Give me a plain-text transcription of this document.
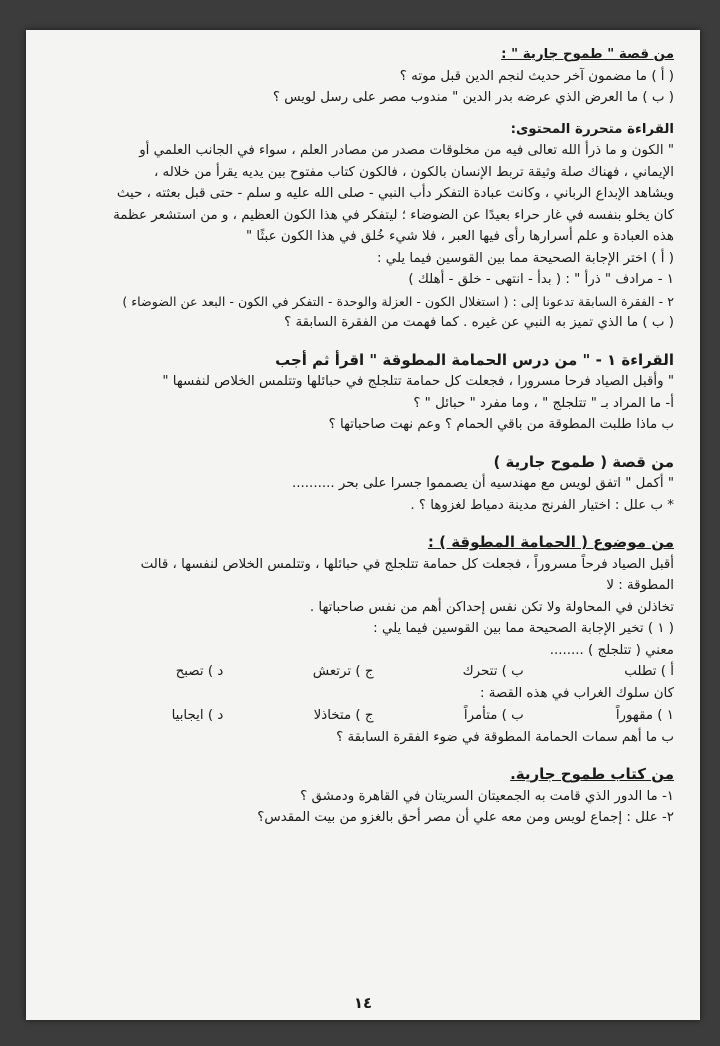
من قصة " طموح جارية " :
( أ ) ما مضمون آخر حديث لنجم الدين قبل موته ؟
( ب ) ما العرض الذي عرضه بدر الدين " مندوب مصر على رسل لويس ؟
القراءة متحررة المحتوى:
" الكون و ما ذرأ الله تعالى فيه من مخلوقات مصدر من مصادر العلم ، سواء في الجانب العلمي أو
الإيماني ، فهناك صلة وثيقة تربط الإنسان بالكون ، فالكون كتاب مفتوح بين يديه يقرأ من خلاله ،
ويشاهد الإبداع الرباني ، وكانت عبادة التفكر دأب النبي - صلى الله عليه و سلم - حتى قبل بعثته ، حيث
كان يخلو بنفسه في غار حراء بعيدًا عن الضوضاء ؛ ليتفكر في هذا الكون العظيم ، و من استشعر عظمة
هذه العبادة و علم أسرارها رأى فيها العبر ، فلا شيء خُلق في هذا الكون عبثًا "
( أ ) اختر الإجابة الصحيحة مما بين القوسين فيما يلي :
١ - مرادف " ذرأ " : ( بدأ - انتهى - خلق - أهلك )
٢ - الفقرة السابقة تدعونا إلى : ( استغلال الكون - العزلة والوحدة - التفكر في الكون - البعد عن الضوضاء )
( ب ) ما الذي تميز به النبي عن غيره . كما فهمت من الفقرة السابقة ؟
القراءة ١ - " من درس الحمامة المطوقة " اقرأ ثم أجب
" وأقبل الصياد فرحا مسرورا ، فجعلت كل حمامة تتلجلج في حبائلها وتتلمس الخلاص لنفسها "
أ- ما المراد بـ " تتلجلج " ، وما مفرد " حبائل " ؟
ب ماذا طلبت المطوقة من باقي الحمام ؟ وعم نهت صاحباتها ؟
من قصة ( طموح جارية )
" أكمل " اتفق لويس مع مهندسيه أن يصمموا جسرا على بحر ..........
* ب علل : اختيار الفرنج مدينة دمياط لغزوها ؟ .
من موضوع ( الحمامة المطوقة ) :
أقبل الصياد فرحاً مسروراً ، فجعلت كل حمامة تتلجلج في حبائلها ، وتتلمس الخلاص لنفسها ، قالت
المطوقة : لا
تخاذلن في المحاولة ولا تكن نفس إحداكن أهم من نفس صاحباتها .
( ١ ) تخير الإجابة الصحيحة مما بين القوسين فيما يلي :
معني ( تتلجلج ) ........
أ ) تطلب
ب ) تتحرك
ج ) ترتعش
د ) تصبح
كان سلوك الغراب في هذه القصة :
١ ) مقهوراً
ب ) متأمراً
ج ) متخاذلا
د ) ايجابيا
ب ما أهم سمات الحمامة المطوقة في ضوء الفقرة السابقة ؟
من كتاب طموح جارية.
١- ما الدور الذي قامت به الجمعيتان السريتان في القاهرة ودمشق ؟
٢- علل : إجماع لويس ومن معه علي أن مصر أحق بالغزو من بيت المقدس؟
١٤
